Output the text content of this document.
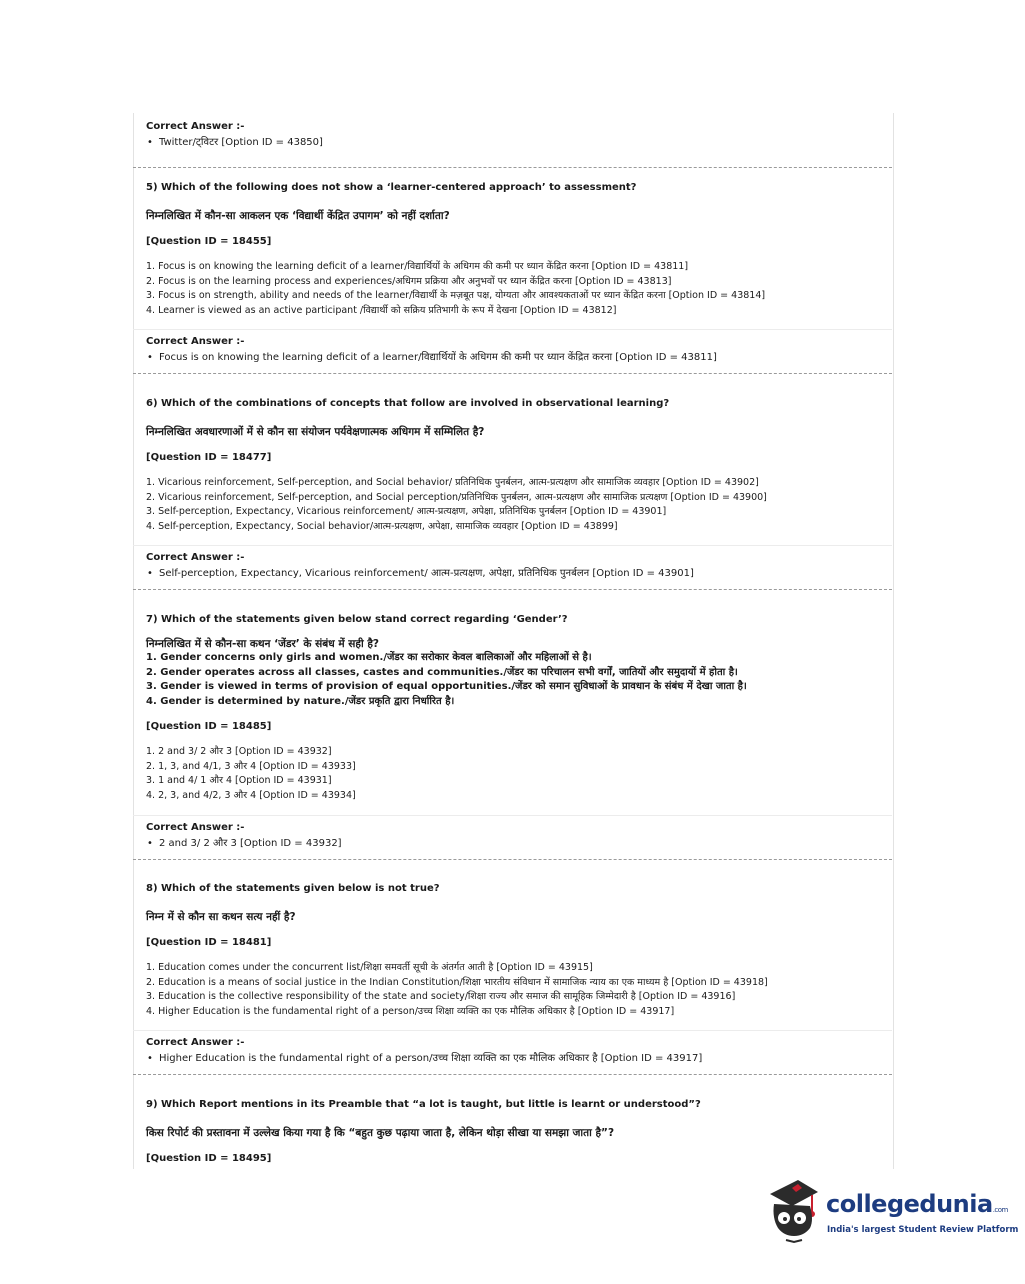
Correct Answer :-
• Twitter/ट्विटर [Option ID = 43850]
5) Which of the following does not show a ‘learner-centered approach’ to assessment?
निम्नलिखित में कौन-सा आकलन एक ‘विद्यार्थी केंद्रित उपागम’ को नहीं दर्शाता?
[Question ID = 18455]
1. Focus is on knowing the learning deficit of a learner/विद्यार्थियों के अधिगम की कमी पर ध्यान केंद्रित करना [Option ID = 43811]
2. Focus is on the learning process and experiences/अधिगम प्रक्रिया और अनुभवों पर ध्यान केंद्रित करना [Option ID = 43813]
3. Focus is on strength, ability and needs of the learner/विद्यार्थी के मज़बूत पक्ष, योग्यता और आवश्यकताओं पर ध्यान केंद्रित करना [Option ID = 43814]
4. Learner is viewed as an active participant /विद्यार्थी को सक्रिय प्रतिभागी के रूप में देखना [Option ID = 43812]
Correct Answer :-
• Focus is on knowing the learning deficit of a learner/विद्यार्थियों के अधिगम की कमी पर ध्यान केंद्रित करना [Option ID = 43811]
6) Which of the combinations of concepts that follow are involved in observational learning?
निम्नलिखित अवधारणाओं में से कौन सा संयोजन पर्यवेक्षणात्मक अधिगम में सम्मिलित है?
[Question ID = 18477]
1. Vicarious reinforcement, Self-perception, and Social behavior/ प्रतिनिधिक पुनर्बलन, आत्म-प्रत्यक्षण और सामाजिक व्यवहार [Option ID = 43902]
2. Vicarious reinforcement, Self-perception, and Social perception/प्रतिनिधिक पुनर्बलन, आत्म-प्रत्यक्षण और सामाजिक प्रत्यक्षण [Option ID = 43900]
3. Self-perception, Expectancy, Vicarious reinforcement/ आत्म-प्रत्यक्षण, अपेक्षा, प्रतिनिधिक पुनर्बलन [Option ID = 43901]
4. Self-perception, Expectancy, Social behavior/आत्म-प्रत्यक्षण, अपेक्षा, सामाजिक व्यवहार [Option ID = 43899]
Correct Answer :-
• Self-perception, Expectancy, Vicarious reinforcement/ आत्म-प्रत्यक्षण, अपेक्षा, प्रतिनिधिक पुनर्बलन [Option ID = 43901]
7) Which of the statements given below stand correct regarding ‘Gender’?
निम्नलिखित में से कौन-सा कथन ‘जेंडर’ के संबंध में सही है?
1. Gender concerns only girls and women./जेंडर का सरोकार केवल बालिकाओं और महिलाओं से है।
2. Gender operates across all classes, castes and communities./जेंडर का परिचालन सभी वर्गों, जातियों और समुदायों में होता है।
3. Gender is viewed in terms of provision of equal opportunities./जेंडर को समान सुविधाओं के प्रावधान के संबंध में देखा जाता है।
4. Gender is determined by nature./जेंडर प्रकृति द्वारा निर्धारित है।
[Question ID = 18485]
1. 2 and 3/ 2 और 3 [Option ID = 43932]
2. 1, 3, and 4/1, 3 और 4 [Option ID = 43933]
3. 1 and 4/ 1 और 4 [Option ID = 43931]
4. 2, 3, and 4/2, 3 और 4 [Option ID = 43934]
Correct Answer :-
• 2 and 3/ 2 और 3 [Option ID = 43932]
8) Which of the statements given below is not true?
निम्न में से कौन सा कथन सत्य नहीं है?
[Question ID = 18481]
1. Education comes under the concurrent list/शिक्षा समवर्ती सूची के अंतर्गत आती है [Option ID = 43915]
2. Education is a means of social justice in the Indian Constitution/शिक्षा भारतीय संविधान में सामाजिक न्याय का एक माध्यम है [Option ID = 43918]
3. Education is the collective responsibility of the state and society/शिक्षा राज्य और समाज की सामूहिक जिम्मेदारी है [Option ID = 43916]
4. Higher Education is the fundamental right of a person/उच्च शिक्षा व्यक्ति का एक मौलिक अधिकार है [Option ID = 43917]
Correct Answer :-
• Higher Education is the fundamental right of a person/उच्च शिक्षा व्यक्ति का एक मौलिक अधिकार है [Option ID = 43917]
9) Which Report mentions in its Preamble that “a lot is taught, but little is learnt or understood”?
किस रिपोर्ट की प्रस्तावना में उल्लेख किया गया है कि “बहुत कुछ पढ़ाया जाता है, लेकिन थोड़ा सीखा या समझा जाता है”?
[Question ID = 18495]
collegedunia.com
India's largest Student Review Platform
